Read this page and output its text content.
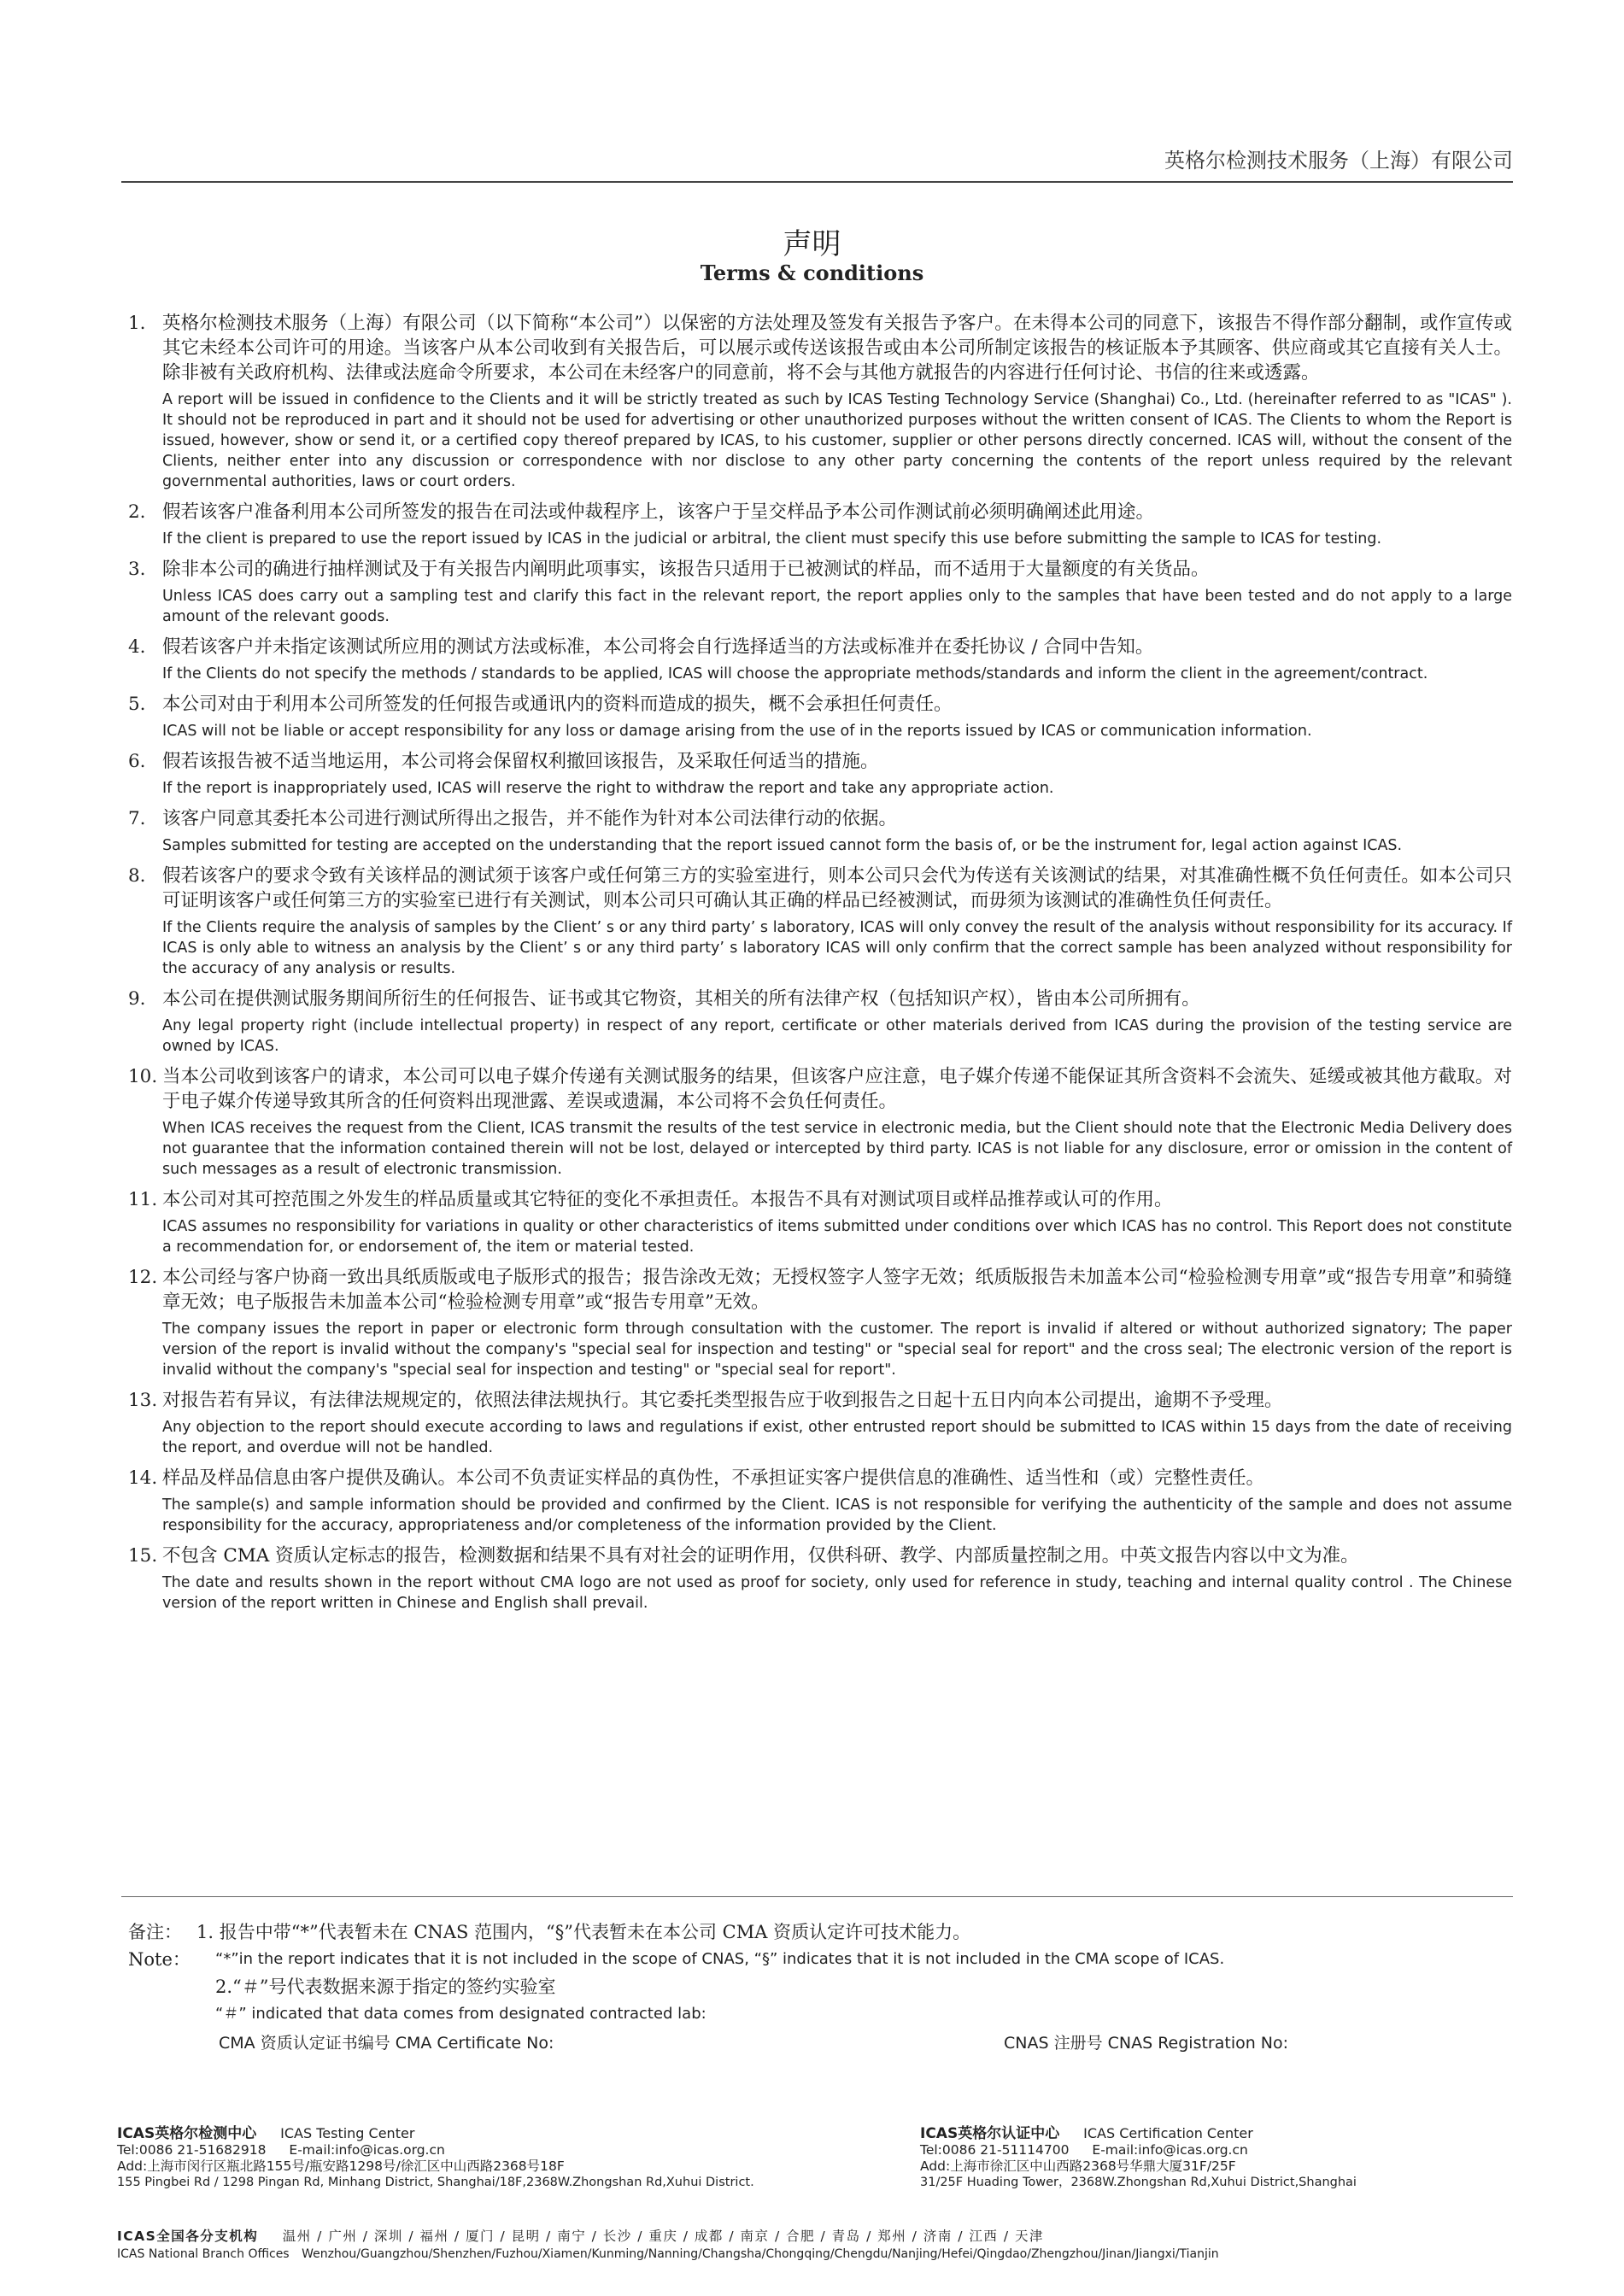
英格尔检测技术服务（上海）有限公司
声明
Terms & conditions
1. 英格尔检测技术服务（上海）有限公司（以下简称“本公司”）以保密的方法处理及签发有关报告予客户。在未得本公司的同意下，该报告不得作部分翻制，或作宣传或其它未经本公司许可的用途。当该客户从本公司收到有关报告后，可以展示或传送该报告或由本公司所制定该报告的核证版本予其顾客、供应商或其它直接有关人士。除非被有关政府机构、法律或法庭命令所要求，本公司在未经客户的同意前，将不会与其他方就报告的内容进行任何讨论、书信的往来或透露。
A report will be issued in confidence to the Clients and it will be strictly treated as such by ICAS Testing Technology Service (Shanghai) Co., Ltd. (hereinafter referred to as "ICAS" ). It should not be reproduced in part and it should not be used for advertising or other unauthorized purposes without the written consent of ICAS. The Clients to whom the Report is issued, however, show or send it, or a certified copy thereof prepared by ICAS, to his customer, supplier or other persons directly concerned. ICAS will, without the consent of the Clients, neither enter into any discussion or correspondence with nor disclose to any other party concerning the contents of the report unless required by the relevant governmental authorities, laws or court orders.
2. 假若该客户准备利用本公司所签发的报告在司法或仲裁程序上，该客户于呈交样品予本公司作测试前必须明确阐述此用途。
If the client is prepared to use the report issued by ICAS in the judicial or arbitral, the client must specify this use before submitting the sample to ICAS for testing.
3. 除非本公司的确进行抽样测试及于有关报告内阐明此项事实，该报告只适用于已被测试的样品，而不适用于大量额度的有关货品。
Unless ICAS does carry out a sampling test and clarify this fact in the relevant report, the report applies only to the samples that have been tested and do not apply to a large amount of the relevant goods.
4. 假若该客户并未指定该测试所应用的测试方法或标准，本公司将会自行选择适当的方法或标准并在委托协议 / 合同中告知。
If the Clients do not specify the methods / standards to be applied, ICAS will choose the appropriate methods/standards and inform the client in the agreement/contract.
5. 本公司对由于利用本公司所签发的任何报告或通讯内的资料而造成的损失，概不会承担任何责任。
ICAS will not be liable or accept responsibility for any loss or damage arising from the use of in the reports issued by ICAS or communication information.
6. 假若该报告被不适当地运用，本公司将会保留权利撤回该报告，及采取任何适当的措施。
If the report is inappropriately used, ICAS will reserve the right to withdraw the report and take any appropriate action.
7. 该客户同意其委托本公司进行测试所得出之报告，并不能作为针对本公司法律行动的依据。
Samples submitted for testing are accepted on the understanding that the report issued cannot form the basis of, or be the instrument for, legal action against ICAS.
8. 假若该客户的要求令致有关该样品的测试须于该客户或任何第三方的实验室进行，则本公司只会代为传送有关该测试的结果，对其准确性概不负任何责任。如本公司只可证明该客户或任何第三方的实验室已进行有关测试，则本公司只可确认其正确的样品已经被测试，而毋须为该测试的准确性负任何责任。
If the Clients require the analysis of samples by the Client’ s or any third party’ s laboratory, ICAS will only convey the result of the analysis without responsibility for its accuracy. If ICAS is only able to witness an analysis by the Client’ s or any third party’ s laboratory ICAS will only confirm that the correct sample has been analyzed without responsibility for the accuracy of any analysis or results.
9. 本公司在提供测试服务期间所衍生的任何报告、证书或其它物资，其相关的所有法律产权（包括知识产权），皆由本公司所拥有。
Any legal property right (include intellectual property) in respect of any report, certificate or other materials derived from ICAS during the provision of the testing service are owned by ICAS.
10. 当本公司收到该客户的请求，本公司可以电子媒介传递有关测试服务的结果，但该客户应注意，电子媒介传递不能保证其所含资料不会流失、延缓或被其他方截取。对于电子媒介传递导致其所含的任何资料出现泄露、差误或遗漏，本公司将不会负任何责任。
When ICAS receives the request from the Client, ICAS transmit the results of the test service in electronic media, but the Client should note that the Electronic Media Delivery does not guarantee that the information contained therein will not be lost, delayed or intercepted by third party. ICAS is not liable for any disclosure, error or omission in the content of such messages as a result of electronic transmission.
11. 本公司对其可控范围之外发生的样品质量或其它特征的变化不承担责任。本报告不具有对测试项目或样品推荐或认可的作用。
ICAS assumes no responsibility for variations in quality or other characteristics of items submitted under conditions over which ICAS has no control. This Report does not constitute a recommendation for, or endorsement of, the item or material tested.
12. 本公司经与客户协商一致出具纸质版或电子版形式的报告；报告涂改无效；无授权签字人签字无效；纸质版报告未加盖本公司“检验检测专用章”或“报告专用章”和骑缝章无效；电子版报告未加盖本公司“检验检测专用章”或“报告专用章”无效。
The company issues the report in paper or electronic form through consultation with the customer. The report is invalid if altered or without authorized signatory; The paper version of the report is invalid without the company's "special seal for inspection and testing" or "special seal for report" and the cross seal; The electronic version of the report is invalid without the company's "special seal for inspection and testing" or "special seal for report".
13. 对报告若有异议，有法律法规规定的，依照法律法规执行。其它委托类型报告应于收到报告之日起十五日内向本公司提出，逾期不予受理。
Any objection to the report should execute according to laws and regulations if exist, other entrusted report should be submitted to ICAS within 15 days from the date of receiving the report, and overdue will not be handled.
14. 样品及样品信息由客户提供及确认。本公司不负责证实样品的真伪性，不承担证实客户提供信息的准确性、适当性和（或）完整性责任。
The sample(s) and sample information should be provided and confirmed by the Client. ICAS is not responsible for verifying the authenticity of the sample and does not assume responsibility for the accuracy, appropriateness and/or completeness of the information provided by the Client.
15. 不包含 CMA 资质认定标志的报告，检测数据和结果不具有对社会的证明作用，仅供科研、教学、内部质量控制之用。中英文报告内容以中文为准。
The date and results shown in the report without CMA logo are not used as proof for society, only used for reference in study, teaching and internal quality control . The Chinese version of the report written in Chinese and English shall prevail.
备注： 1. 报告中带“*”代表暂未在 CNAS 范围内，“§”代表暂未在本公司 CMA 资质认定许可技术能力。
Note： “*”in the report indicates that it is not included in the scope of CNAS, “§” indicates that it is not included in the CMA scope of ICAS.
2.“＃”号代表数据来源于指定的签约实验室
“＃” indicated that data comes from designated contracted lab:
CMA 资质认定证书编号 CMA Certificate No:	CNAS 注册号 CNAS Registration No:
ICAS英格尔检测中心 ICAS Testing Center
Tel:0086 21-51682918 E-mail:info@icas.org.cn
Add:上海市闵行区瓶北路155号/瓶安路1298号/徐汇区中山西路2368号18F
155 Pingbei Rd / 1298 Pingan Rd, Minhang District, Shanghai/18F,2368W.Zhongshan Rd,Xuhui District.
ICAS英格尔认证中心 ICAS Certification Center
Tel:0086 21-51114700 E-mail:info@icas.org.cn
Add:上海市徐汇区中山西路2368号华鼎大厦31F/25F
31/25F Huading Tower，2368W.Zhongshan Rd,Xuhui District,Shanghai
ICAS全国各分支机构 温州 / 广州 / 深圳 / 福州 / 厦门 / 昆明 / 南宁 / 长沙 / 重庆 / 成都 / 南京 / 合肥 / 青岛 / 郑州 / 济南 / 江西 / 天津
ICAS National Branch Offices Wenzhou/Guangzhou/Shenzhen/Fuzhou/Xiamen/Kunming/Nanning/Changsha/Chongqing/Chengdu/Nanjing/Hefei/Qingdao/Zhengzhou/Jinan/Jiangxi/Tianjin
